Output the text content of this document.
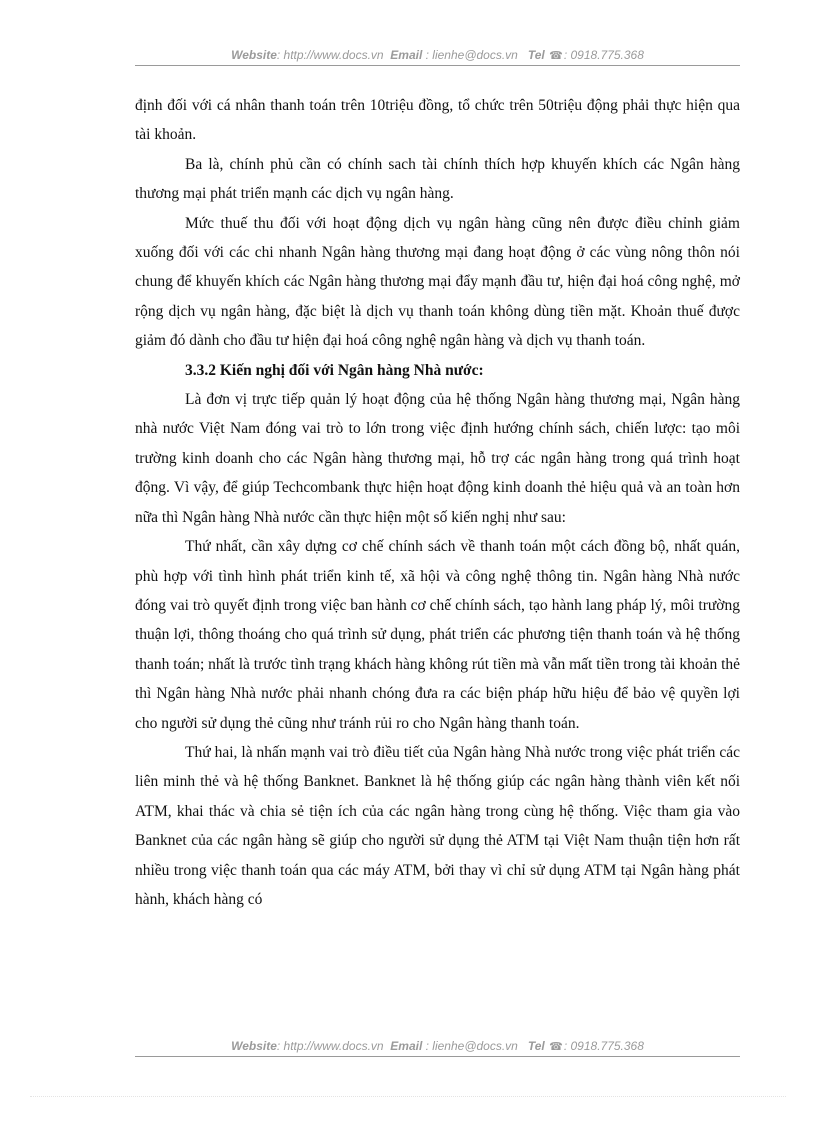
Website: http://www.docs.vn Email : lienhe@docs.vn Tel ☎: 0918.775.368

định đối với cá nhân thanh toán trên 10triệu đồng, tổ chức trên 50triệu động phải thực hiện qua tài khoản.

Ba là, chính phủ cần có chính sach tài chính thích hợp khuyến khích các Ngân hàng thương mại phát triển mạnh các dịch vụ ngân hàng.

Mức thuế thu đối với hoạt động dịch vụ ngân hàng cũng nên được điều chỉnh giảm xuống đối với các chi nhanh Ngân hàng thương mại đang hoạt động ở các vùng nông thôn nói chung để khuyến khích các Ngân hàng thương mại đẩy mạnh đầu tư, hiện đại hoá công nghệ, mở rộng dịch vụ ngân hàng, đặc biệt là dịch vụ thanh toán không dùng tiền mặt. Khoản thuế được giảm đó dành cho đầu tư hiện đại hoá công nghệ ngân hàng và dịch vụ thanh toán.

3.3.2 Kiến nghị đối với Ngân hàng Nhà nước:

Là đơn vị trực tiếp quản lý hoạt động của hệ thống Ngân hàng thương mại, Ngân hàng nhà nước Việt Nam đóng vai trò to lớn trong việc định hướng chính sách, chiến lược: tạo môi trường kinh doanh cho các Ngân hàng thương mại, hỗ trợ các ngân hàng trong quá trình hoạt động. Vì vậy, để giúp Techcombank thực hiện hoạt động kinh doanh thẻ hiệu quả và an toàn hơn nữa thì Ngân hàng Nhà nước cần thực hiện một số kiến nghị như sau:

Thứ nhất, cần xây dựng cơ chế chính sách về thanh toán một cách đồng bộ, nhất quán, phù hợp với tình hình phát triển kinh tế, xã hội và công nghệ thông tin. Ngân hàng Nhà nước đóng vai trò quyết định trong việc ban hành cơ chế chính sách, tạo hành lang pháp lý, môi trường thuận lợi, thông thoáng cho quá trình sử dụng, phát triển các phương tiện thanh toán và hệ thống thanh toán; nhất là trước tình trạng khách hàng không rút tiền mà vẫn mất tiền trong tài khoản thẻ thì Ngân hàng Nhà nước phải nhanh chóng đưa ra các biện pháp hữu hiệu để bảo vệ quyền lợi cho người sử dụng thẻ cũng như tránh rủi ro cho Ngân hàng thanh toán.

Thứ hai, là nhấn mạnh vai trò điều tiết của Ngân hàng Nhà nước trong việc phát triển các liên minh thẻ và hệ thống Banknet. Banknet là hệ thống giúp các ngân hàng thành viên kết nối ATM, khai thác và chia sẻ tiện ích của các ngân hàng trong cùng hệ thống. Việc tham gia vào Banknet của các ngân hàng sẽ giúp cho người sử dụng thẻ ATM tại Việt Nam thuận tiện hơn rất nhiều trong việc thanh toán qua các máy ATM, bởi thay vì chỉ sử dụng ATM tại Ngân hàng phát hành, khách hàng có

Website: http://www.docs.vn Email : lienhe@docs.vn Tel ☎: 0918.775.368
